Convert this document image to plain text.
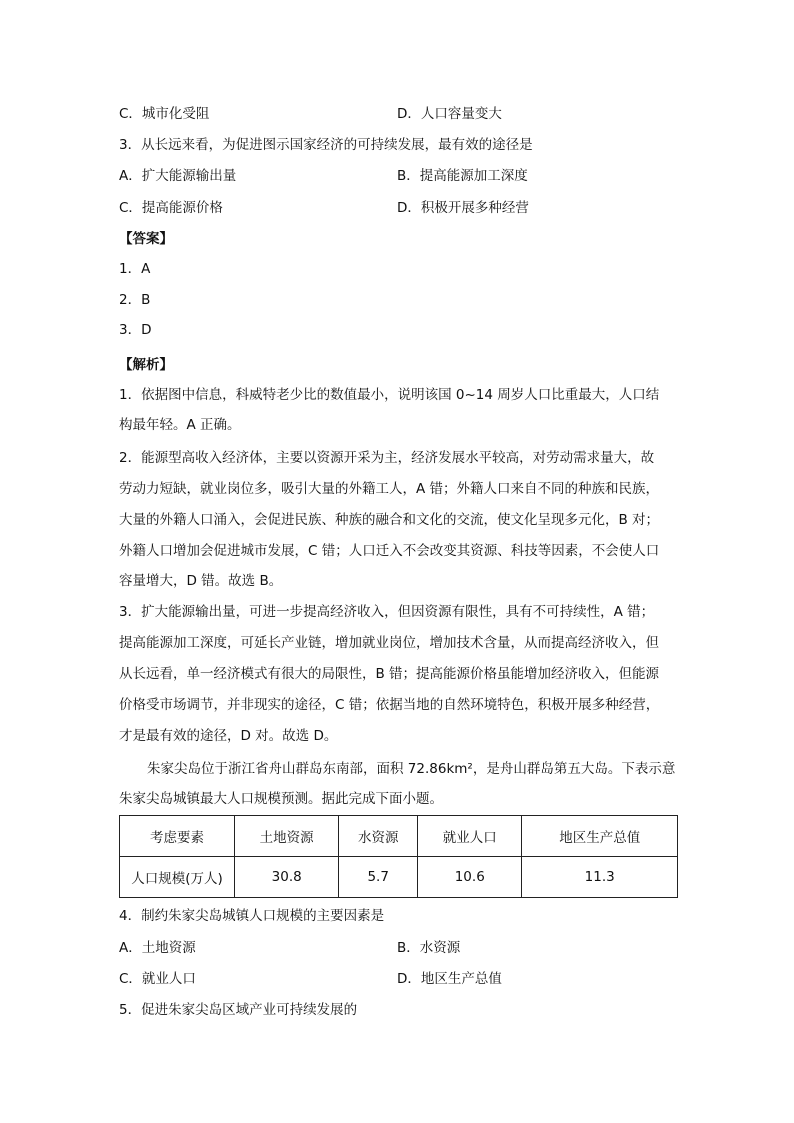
C．城市化受阻	D．人口容量变大
3．从长远来看，为促进图示国家经济的可持续发展，最有效的途径是
A．扩大能源输出量	B．提高能源加工深度
C．提高能源价格	D．积极开展多种经营
【答案】
1．A
2．B
3．D
【解析】
1．依据图中信息，科威特老少比的数值最小，说明该国 0~14 周岁人口比重最大，人口结
构最年轻。A 正确。
2．能源型高收入经济体，主要以资源开采为主，经济发展水平较高，对劳动需求量大，故
劳动力短缺，就业岗位多，吸引大量的外籍工人，A 错；外籍人口来自不同的种族和民族，
大量的外籍人口涌入，会促进民族、种族的融合和文化的交流，使文化呈现多元化，B 对；
外籍人口增加会促进城市发展，C 错；人口迁入不会改变其资源、科技等因素，不会使人口
容量增大，D 错。故选 B。
3．扩大能源输出量，可进一步提高经济收入，但因资源有限性，具有不可持续性，A 错；
提高能源加工深度，可延长产业链，增加就业岗位，增加技术含量，从而提高经济收入，但
从长远看，单一经济模式有很大的局限性，B 错；提高能源价格虽能增加经济收入，但能源
价格受市场调节，并非现实的途径，C 错；依据当地的自然环境特色，积极开展多种经营，
才是最有效的途径，D 对。故选 D。
朱家尖岛位于浙江省舟山群岛东南部，面积 72.86km²，是舟山群岛第五大岛。下表示意
朱家尖岛城镇最大人口规模预测。据此完成下面小题。
考虑要素	土地资源	水资源	就业人口	地区生产总值
人口规模(万人)	30.8	5.7	10.6	11.3
4．制约朱家尖岛城镇人口规模的主要因素是
A．土地资源	B．水资源
C．就业人口	D．地区生产总值
5．促进朱家尖岛区域产业可持续发展的
